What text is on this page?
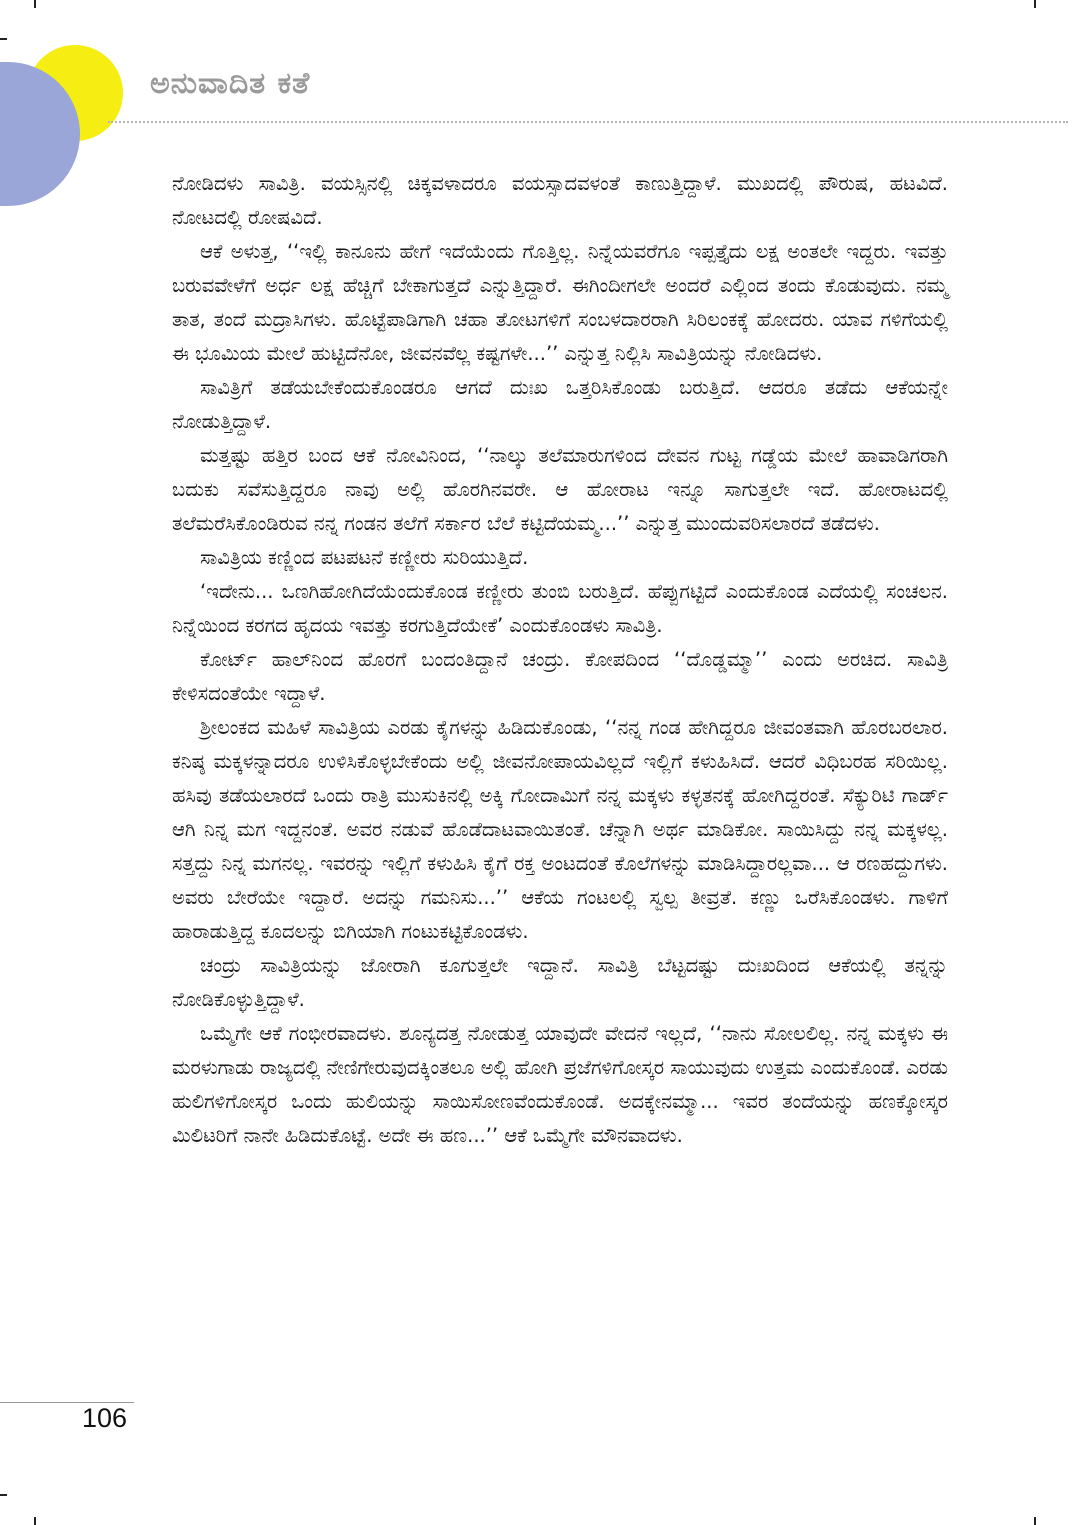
ಅನುವಾದಿತ ಕತೆ

ನೋಡಿದಳು ಸಾವಿತ್ರಿ. ವಯಸ್ಸಿನಲ್ಲಿ ಚಿಕ್ಕವಳಾದರೂ ವಯಸ್ಸಾದವಳಂತೆ ಕಾಣುತ್ತಿದ್ದಾಳೆ. ಮುಖದಲ್ಲಿ ಪೌರುಷ, ಹಟವಿದೆ. ನೋಟದಲ್ಲಿ ರೋಷವಿದೆ.

ಆಕೆ ಅಳುತ್ತ, ‘‘ಇಲ್ಲಿ ಕಾನೂನು ಹೇಗೆ ಇದೆಯೆಂದು ಗೊತ್ತಿಲ್ಲ. ನಿನ್ನೆಯವರೆಗೂ ಇಪ್ಪತ್ತೈದು ಲಕ್ಷ ಅಂತಲೇ ಇದ್ದರು. ಇವತ್ತು ಬರುವವೇಳೆಗೆ ಅರ್ಧ ಲಕ್ಷ ಹೆಚ್ಚಿಗೆ ಬೇಕಾಗುತ್ತದೆ ಎನ್ನುತ್ತಿದ್ದಾರೆ. ಈಗಿಂದೀಗಲೇ ಅಂದರೆ ಎಲ್ಲಿಂದ ತಂದು ಕೊಡುವುದು. ನಮ್ಮ ತಾತ, ತಂದೆ ಮದ್ರಾಸಿಗಳು. ಹೊಟ್ಟೆಪಾಡಿಗಾಗಿ ಚಹಾ ತೋಟಗಳಿಗೆ ಸಂಬಳದಾರರಾಗಿ ಸಿರಿಲಂಕಕ್ಕೆ ಹೋದರು. ಯಾವ ಗಳಿಗೆಯಲ್ಲಿ ಈ ಭೂಮಿಯ ಮೇಲೆ ಹುಟ್ಟಿದೆನೋ, ಜೀವನವೆಲ್ಲ ಕಷ್ಟಗಳೇ...’’ ಎನ್ನುತ್ತ ನಿಲ್ಲಿಸಿ ಸಾವಿತ್ರಿಯನ್ನು ನೋಡಿದಳು.

ಸಾವಿತ್ರಿಗೆ ತಡೆಯಬೇಕೆಂದುಕೊಂಡರೂ ಆಗದೆ ದುಃಖ ಒತ್ತರಿಸಿಕೊಂಡು ಬರುತ್ತಿದೆ. ಆದರೂ ತಡೆದು ಆಕೆಯನ್ನೇ ನೋಡುತ್ತಿದ್ದಾಳೆ.

ಮತ್ತಷ್ಟು ಹತ್ತಿರ ಬಂದ ಆಕೆ ನೋವಿನಿಂದ, ‘‘ನಾಲ್ಕು ತಲೆಮಾರುಗಳಿಂದ ದೇವನ ಗುಟ್ಟ ಗಡ್ಡೆಯ ಮೇಲೆ ಹಾವಾಡಿಗರಾಗಿ ಬದುಕು ಸವೆಸುತ್ತಿದ್ದರೂ ನಾವು ಅಲ್ಲಿ ಹೊರಗಿನವರೇ. ಆ ಹೋರಾಟ ಇನ್ನೂ ಸಾಗುತ್ತಲೇ ಇದೆ. ಹೋರಾಟದಲ್ಲಿ ತಲೆಮರೆಸಿಕೊಂಡಿರುವ ನನ್ನ ಗಂಡನ ತಲೆಗೆ ಸರ್ಕಾರ ಬೆಲೆ ಕಟ್ಟಿದೆಯಮ್ಮ...’’ ಎನ್ನುತ್ತ ಮುಂದುವರಿಸಲಾರದೆ ತಡೆದಳು.

ಸಾವಿತ್ರಿಯ ಕಣ್ಣಿಂದ ಪಟಪಟನೆ ಕಣ್ಣೀರು ಸುರಿಯುತ್ತಿದೆ.

‘ಇದೇನು... ಒಣಗಿಹೋಗಿದೆಯೆಂದುಕೊಂಡ ಕಣ್ಣೀರು ತುಂಬಿ ಬರುತ್ತಿದೆ. ಹೆಪ್ಪುಗಟ್ಟಿದೆ ಎಂದುಕೊಂಡ ಎದೆಯಲ್ಲಿ ಸಂಚಲನ. ನಿನ್ನೆಯಿಂದ ಕರಗದ ಹೃದಯ ಇವತ್ತು ಕರಗುತ್ತಿದೆಯೇಕೆ’ ಎಂದುಕೊಂಡಳು ಸಾವಿತ್ರಿ.

ಕೋರ್ಟ್ ಹಾಲ್‌ನಿಂದ ಹೊರಗೆ ಬಂದಂತಿದ್ದಾನೆ ಚಂದ್ರು. ಕೋಪದಿಂದ ‘‘ದೊಡ್ಡಮ್ಮಾ’’ ಎಂದು ಅರಚಿದ. ಸಾವಿತ್ರಿ ಕೇಳಿಸದಂತೆಯೇ ಇದ್ದಾಳೆ.

ಶ್ರೀಲಂಕದ ಮಹಿಳೆ ಸಾವಿತ್ರಿಯ ಎರಡು ಕೈಗಳನ್ನು ಹಿಡಿದುಕೊಂಡು, ‘‘ನನ್ನ ಗಂಡ ಹೇಗಿದ್ದರೂ ಜೀವಂತವಾಗಿ ಹೊರಬರಲಾರ. ಕನಿಷ್ಠ ಮಕ್ಕಳನ್ನಾದರೂ ಉಳಿಸಿಕೊಳ್ಳಬೇಕೆಂದು ಅಲ್ಲಿ ಜೀವನೋಪಾಯವಿಲ್ಲದೆ ಇಲ್ಲಿಗೆ ಕಳುಹಿಸಿದೆ. ಆದರೆ ವಿಧಿಬರಹ ಸರಿಯಿಲ್ಲ. ಹಸಿವು ತಡೆಯಲಾರದೆ ಒಂದು ರಾತ್ರಿ ಮುಸುಕಿನಲ್ಲಿ ಅಕ್ಕಿ ಗೋದಾಮಿಗೆ ನನ್ನ ಮಕ್ಕಳು ಕಳ್ಳತನಕ್ಕೆ ಹೋಗಿದ್ದರಂತೆ. ಸೆಕ್ಯುರಿಟಿ ಗಾರ್ಡ್ ಆಗಿ ನಿನ್ನ ಮಗ ಇದ್ದನಂತೆ. ಅವರ ನಡುವೆ ಹೊಡೆದಾಟವಾಯಿತಂತೆ. ಚೆನ್ನಾಗಿ ಅರ್ಥ ಮಾಡಿಕೋ. ಸಾಯಿಸಿದ್ದು ನನ್ನ ಮಕ್ಕಳಲ್ಲ. ಸತ್ತದ್ದು ನಿನ್ನ ಮಗನಲ್ಲ. ಇವರನ್ನು ಇಲ್ಲಿಗೆ ಕಳುಹಿಸಿ ಕೈಗೆ ರಕ್ತ ಅಂಟದಂತೆ ಕೊಲೆಗಳನ್ನು ಮಾಡಿಸಿದ್ದಾರಲ್ಲವಾ... ಆ ರಣಹದ್ದುಗಳು. ಅವರು ಬೇರೆಯೇ ಇದ್ದಾರೆ. ಅದನ್ನು ಗಮನಿಸು...’’ ಆಕೆಯ ಗಂಟಲಲ್ಲಿ ಸ್ವಲ್ಪ ತೀವ್ರತೆ. ಕಣ್ಣು ಒರೆಸಿಕೊಂಡಳು. ಗಾಳಿಗೆ ಹಾರಾಡುತ್ತಿದ್ದ ಕೂದಲನ್ನು ಬಿಗಿಯಾಗಿ ಗಂಟುಕಟ್ಟಿಕೊಂಡಳು.

ಚಂದ್ರು ಸಾವಿತ್ರಿಯನ್ನು ಜೋರಾಗಿ ಕೂಗುತ್ತಲೇ ಇದ್ದಾನೆ. ಸಾವಿತ್ರಿ ಬೆಟ್ಟದಷ್ಟು ದುಃಖದಿಂದ ಆಕೆಯಲ್ಲಿ ತನ್ನನ್ನು ನೋಡಿಕೊಳ್ಳುತ್ತಿದ್ದಾಳೆ.

ಒಮ್ಮೆಗೇ ಆಕೆ ಗಂಭೀರವಾದಳು. ಶೂನ್ಯದತ್ತ ನೋಡುತ್ತ ಯಾವುದೇ ವೇದನೆ ಇಲ್ಲದೆ, ‘‘ನಾನು ಸೋಲಲಿಲ್ಲ. ನನ್ನ ಮಕ್ಕಳು ಈ ಮರಳುಗಾಡು ರಾಜ್ಯದಲ್ಲಿ ನೇಣಿಗೇರುವುದಕ್ಕಿಂತಲೂ ಅಲ್ಲಿ ಹೋಗಿ ಪ್ರಜೆಗಳಿಗೋಸ್ಕರ ಸಾಯುವುದು ಉತ್ತಮ ಎಂದುಕೊಂಡೆ. ಎರಡು ಹುಲಿಗಳಿಗೋಸ್ಕರ ಒಂದು ಹುಲಿಯನ್ನು ಸಾಯಿಸೋಣವೆಂದುಕೊಂಡೆ. ಅದಕ್ಕೇನಮ್ಮಾ... ಇವರ ತಂದೆಯನ್ನು ಹಣಕ್ಕೋಸ್ಕರ ಮಿಲಿಟರಿಗೆ ನಾನೇ ಹಿಡಿದುಕೊಟ್ಟೆ. ಅದೇ ಈ ಹಣ...’’ ಆಕೆ ಒಮ್ಮೆಗೇ ಮೌನವಾದಳು.

106
